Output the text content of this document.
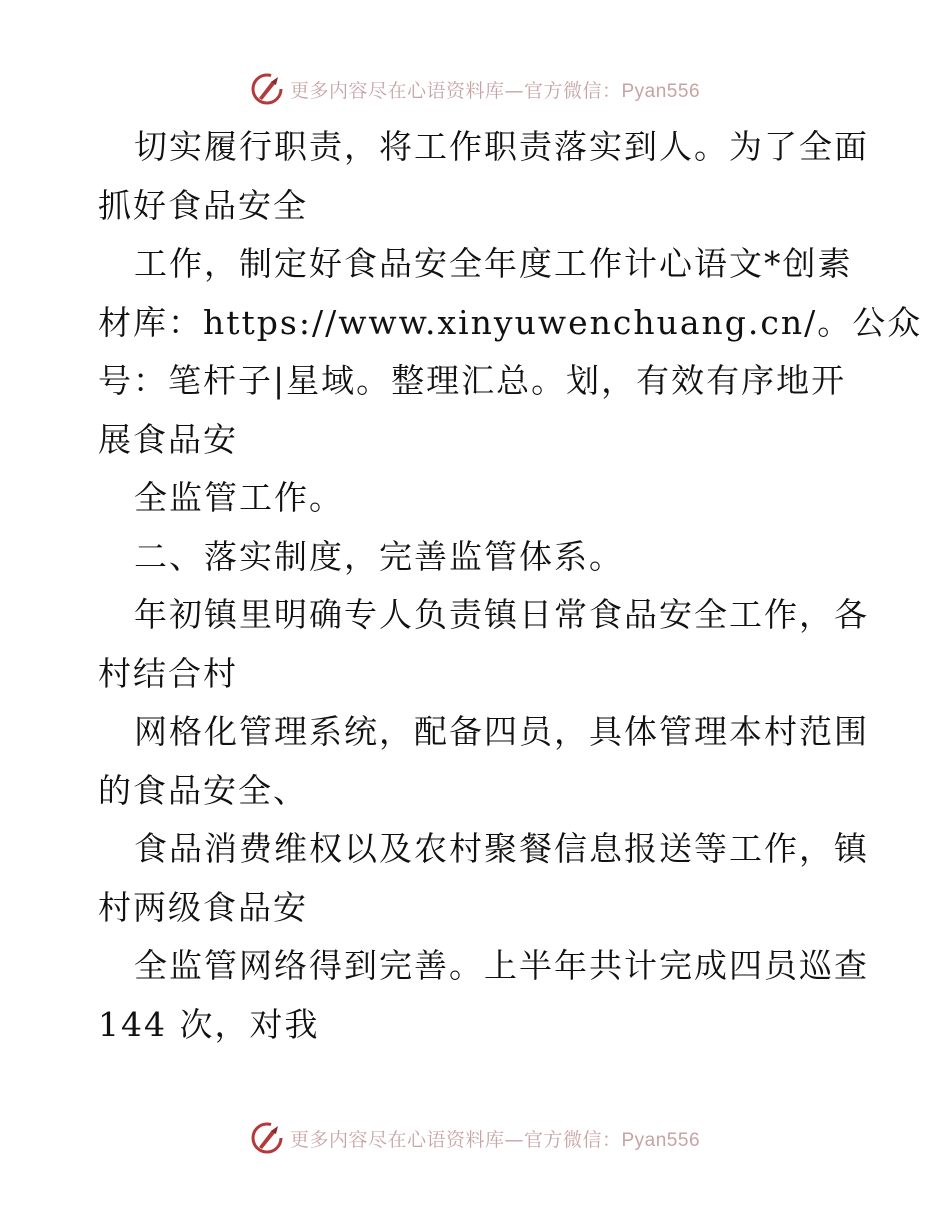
更多内容尽在心语资料库—官方微信：Pyan556
切实履行职责，将工作职责落实到人。为了全面
抓好食品安全
工作，制定好食品安全年度工作计心语文*创素
材库：https://www.xinyuwenchuang.cn/。公众
号：笔杆子|星域。整理汇总。划，有效有序地开
展食品安
全监管工作。
二、落实制度，完善监管体系。
年初镇里明确专人负责镇日常食品安全工作，各
村结合村
网格化管理系统，配备四员，具体管理本村范围
的食品安全、
食品消费维权以及农村聚餐信息报送等工作，镇
村两级食品安
全监管网络得到完善。上半年共计完成四员巡查
144 次，对我
更多内容尽在心语资料库—官方微信：Pyan556
